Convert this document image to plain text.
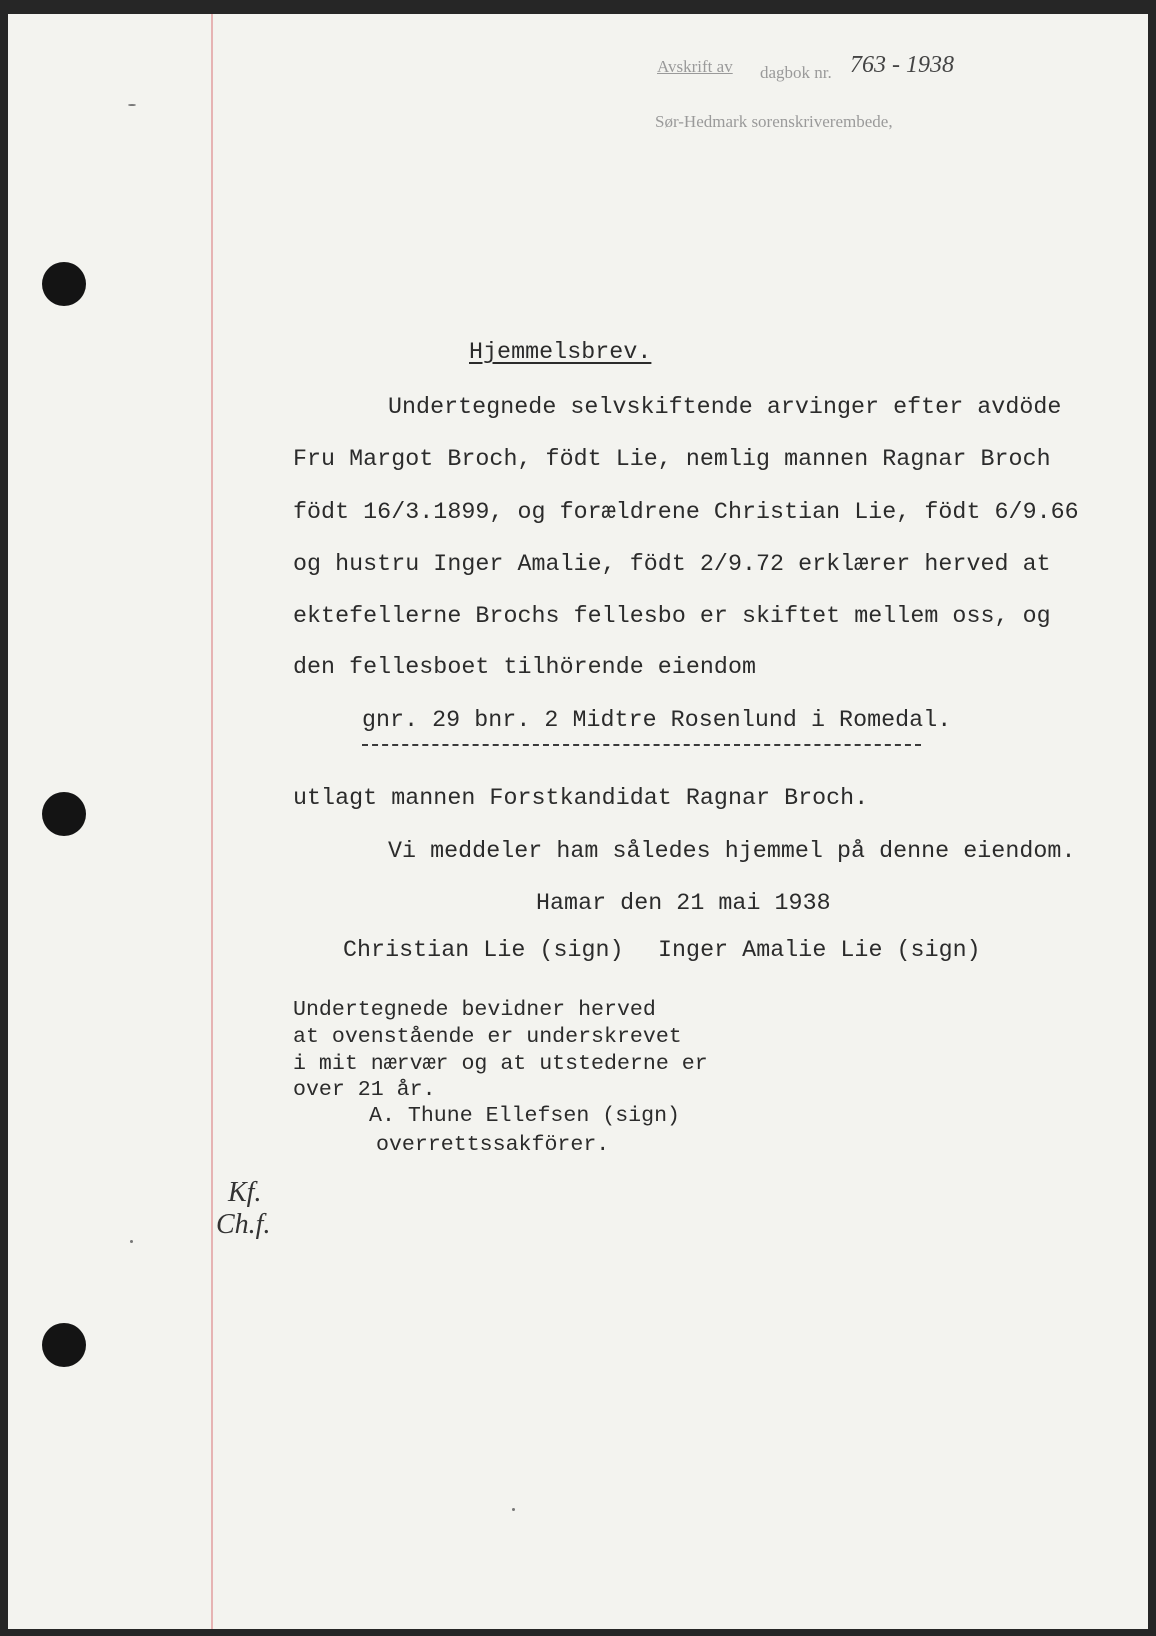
Avskrift av dagbok nr. 763 - 1938
Sør-Hedmark sorenskriverembede,
Hjemmelsbrev.
Undertegnede selvskiftende arvinger efter avdöde
Fru Margot Broch, födt Lie, nemlig mannen Ragnar Broch
födt 16/3.1899, og forældrene Christian Lie, födt 6/9.66
og hustru Inger Amalie, födt 2/9.72 erklærer herved at
ektefellerne Brochs fellesbo er skiftet mellem oss, og
den fellesboet tilhörende eiendom
gnr. 29 bnr. 2 Midtre Rosenlund i Romedal.
utlagt mannen Forstkandidat Ragnar Broch.
Vi meddeler ham således hjemmel på denne eiendom.
Hamar den 21 mai 1938
Christian Lie (sign) Inger Amalie Lie (sign)
Undertegnede bevidner herved
at ovenstående er underskrevet
i mit nærvær og at utstederne er
over 21 år.
A. Thune Ellefsen (sign)
overrettssakförer.
Kf.
Ch.f.
